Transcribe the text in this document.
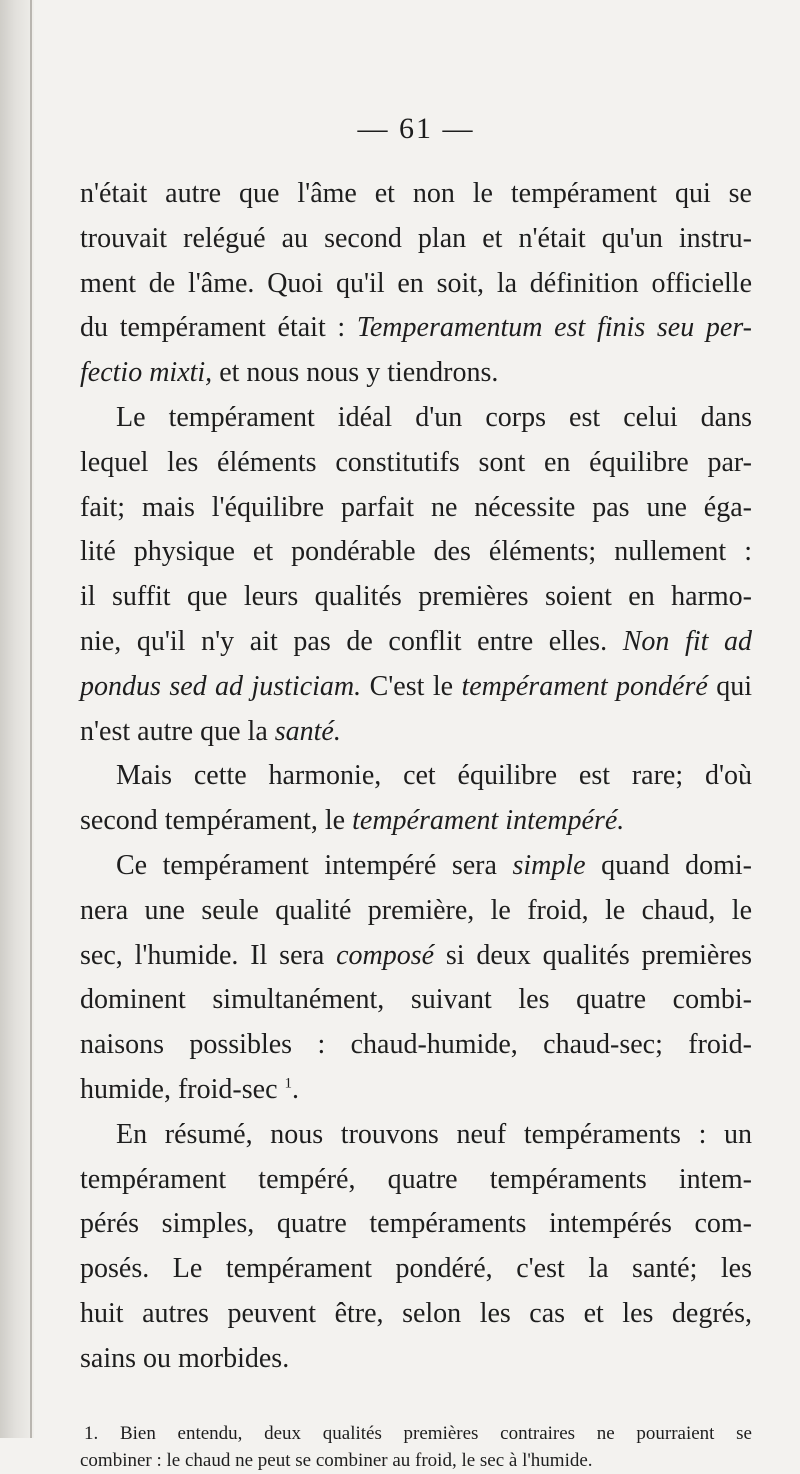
— 61 —
n'était autre que l'âme et non le tempérament qui se
trouvait relégué au second plan et n'était qu'un instru-
ment de l'âme. Quoi qu'il en soit, la définition officielle
du tempérament était : Temperamentum est finis seu per-
fectio mixti, et nous nous y tiendrons.
Le tempérament idéal d'un corps est celui dans
lequel les éléments constitutifs sont en équilibre par-
fait; mais l'équilibre parfait ne nécessite pas une éga-
lité physique et pondérable des éléments; nullement :
il suffit que leurs qualités premières soient en harmo-
nie, qu'il n'y ait pas de conflit entre elles. Non fit ad
pondus sed ad justiciam. C'est le tempérament pondéré qui
n'est autre que la santé.
Mais cette harmonie, cet équilibre est rare; d'où
second tempérament, le tempérament intempéré.
Ce tempérament intempéré sera simple quand domi-
nera une seule qualité première, le froid, le chaud, le
sec, l'humide. Il sera composé si deux qualités premières
dominent simultanément, suivant les quatre combi-
naisons possibles : chaud-humide, chaud-sec; froid-
humide, froid-sec $^1$.
En résumé, nous trouvons neuf tempéraments : un
tempérament tempéré, quatre tempéraments intem-
pérés simples, quatre tempéraments intempérés com-
posés. Le tempérament pondéré, c'est la santé; les
huit autres peuvent être, selon les cas et les degrés,
sains ou morbides.
1. Bien entendu, deux qualités premières contraires ne pourraient se
combiner : le chaud ne peut se combiner au froid, le sec à l'humide.
